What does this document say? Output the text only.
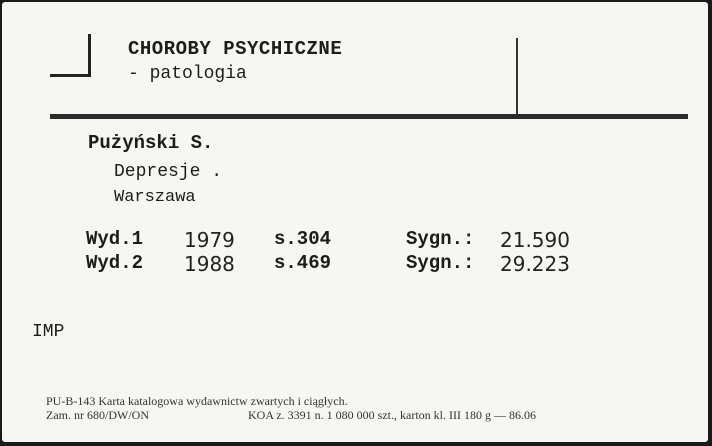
CHOROBY PSYCHICZNE
- patologia
Pużyński S.
Depresje .
Warszawa
Wyd.1 1979 s.304	Sygn.: 21.590
Wyd.2 1988 s.469	Sygn.: 29.223
IMP
PU-B-143 Karta katalogowa wydawnictw zwartych i ciągłych.
Zam. nr 680/DW/ON	KOA z. 3391 n. 1 080 000 szt., karton kl. III 180 g — 86.06
